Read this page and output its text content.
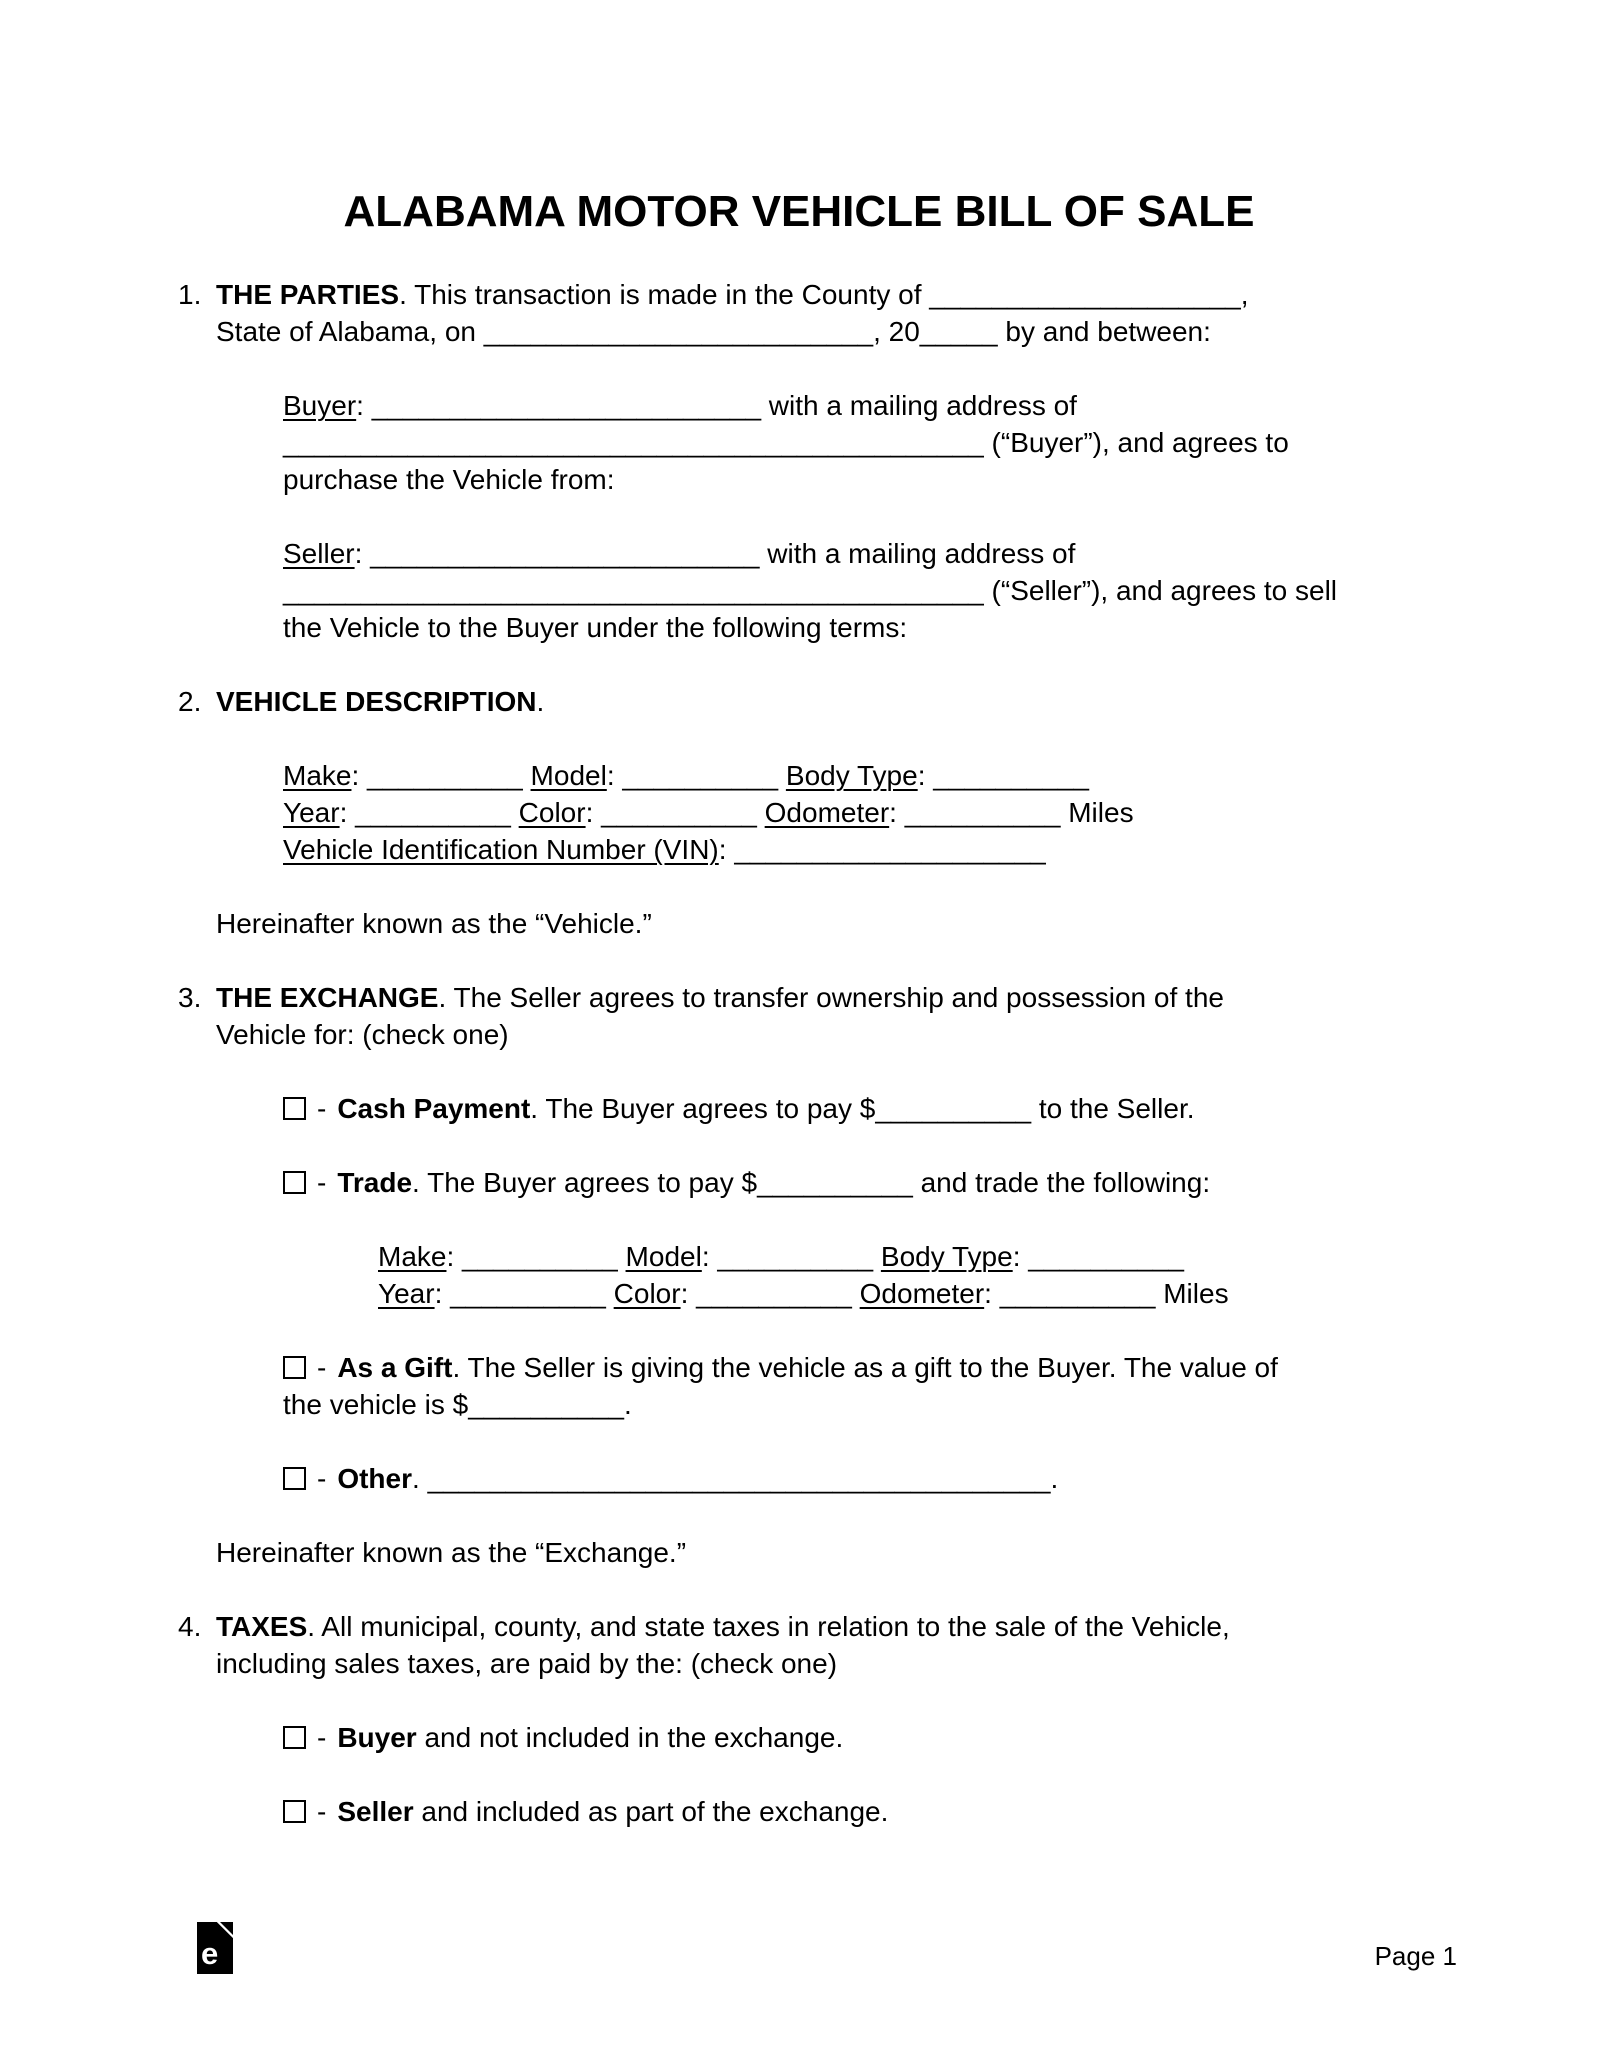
ALABAMA MOTOR VEHICLE BILL OF SALE
1. THE PARTIES. This transaction is made in the County of ____________________,
State of Alabama, on _________________________, 20_____ by and between:
Buyer: _________________________ with a mailing address of
_____________________________________________ (“Buyer”), and agrees to
purchase the Vehicle from:
Seller: _________________________ with a mailing address of
_____________________________________________ (“Seller”), and agrees to sell
the Vehicle to the Buyer under the following terms:
2. VEHICLE DESCRIPTION.
Make: __________ Model: __________ Body Type: __________
Year: __________ Color: __________ Odometer: __________ Miles
Vehicle Identification Number (VIN): ____________________
Hereinafter known as the “Vehicle.”
3. THE EXCHANGE. The Seller agrees to transfer ownership and possession of the
Vehicle for: (check one)
- Cash Payment. The Buyer agrees to pay $__________ to the Seller.
- Trade. The Buyer agrees to pay $__________ and trade the following:
Make: __________ Model: __________ Body Type: __________
Year: __________ Color: __________ Odometer: __________ Miles
- As a Gift. The Seller is giving the vehicle as a gift to the Buyer. The value of
the vehicle is $__________.
- Other. ________________________________________.
Hereinafter known as the “Exchange.”
4. TAXES. All municipal, county, and state taxes in relation to the sale of the Vehicle,
including sales taxes, are paid by the: (check one)
- Buyer and not included in the exchange.
- Seller and included as part of the exchange.
e	Page 1
